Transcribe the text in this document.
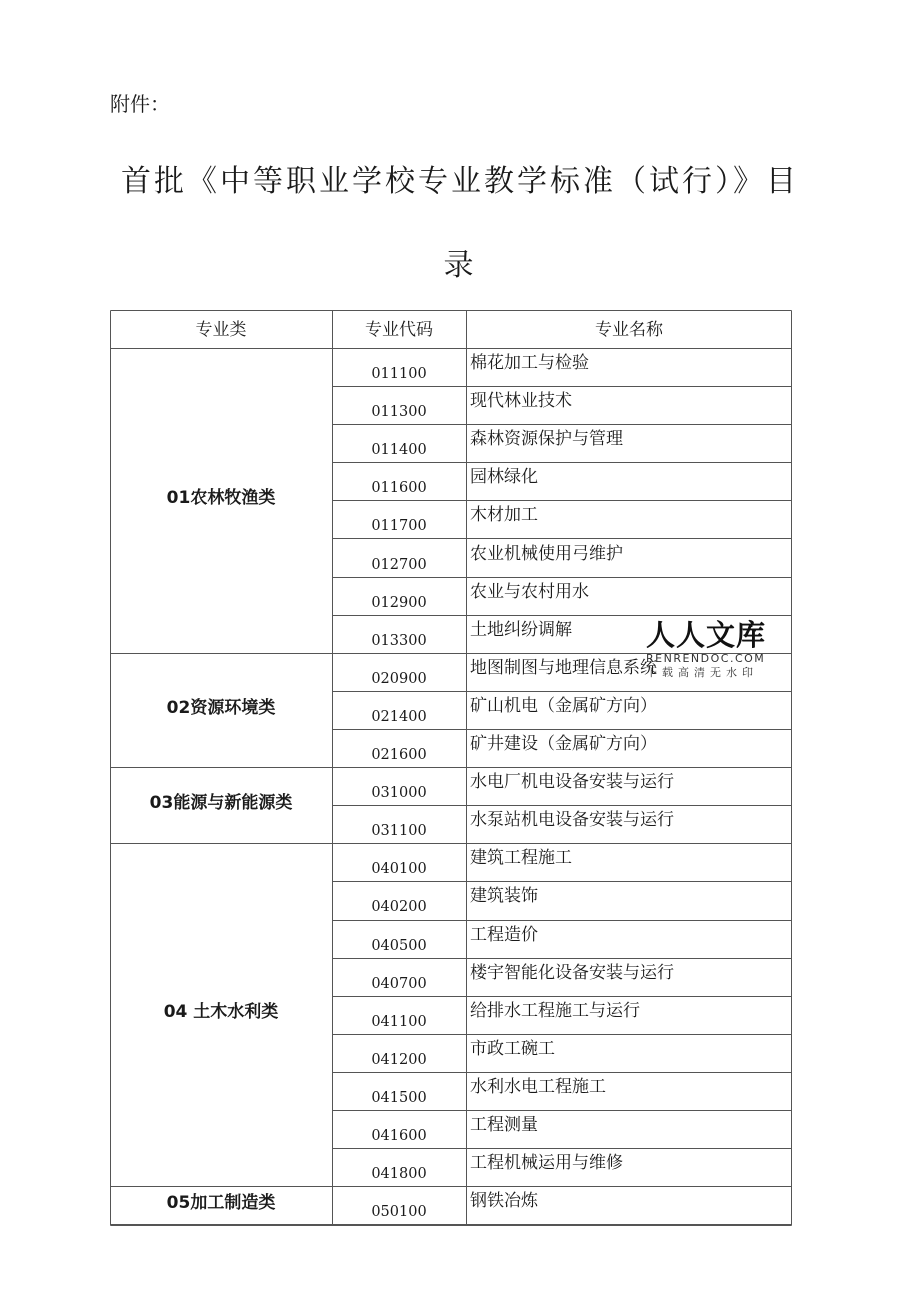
附件：
首批《中等职业学校专业教学标准（试行）》目
录
专业类	专业代码	专业名称
011100
棉花加工与检验
011300
现代林业技术
011400
森林资源保护与管理
011600
园林绿化
011700
木材加工
012700
农业机械使用弓维护
012900
农业与农村用水
013300
土地纠纷调解
01农林牧渔类
020900
地图制图与地理信息系统
021400
矿山机电（金属矿方向）
021600
矿井建设（金属矿方向）
02资源环境类
031000
水电厂机电设备安装与运行
031100
水泵站机电设备安装与运行
03能源与新能源类
040100
建筑工程施工
040200
建筑装饰
040500
工程造价
040700
楼宇智能化设备安装与运行
041100
给排水工程施工与运行
041200
市政工碗工
041500
水利水电工程施工
041600
工程测量
041800
工程机械运用与维修
04 土木水利类
050100
钢铁冶炼
05加工制造类
人人文库
RENRENDOC.COM
下载高清无水印
